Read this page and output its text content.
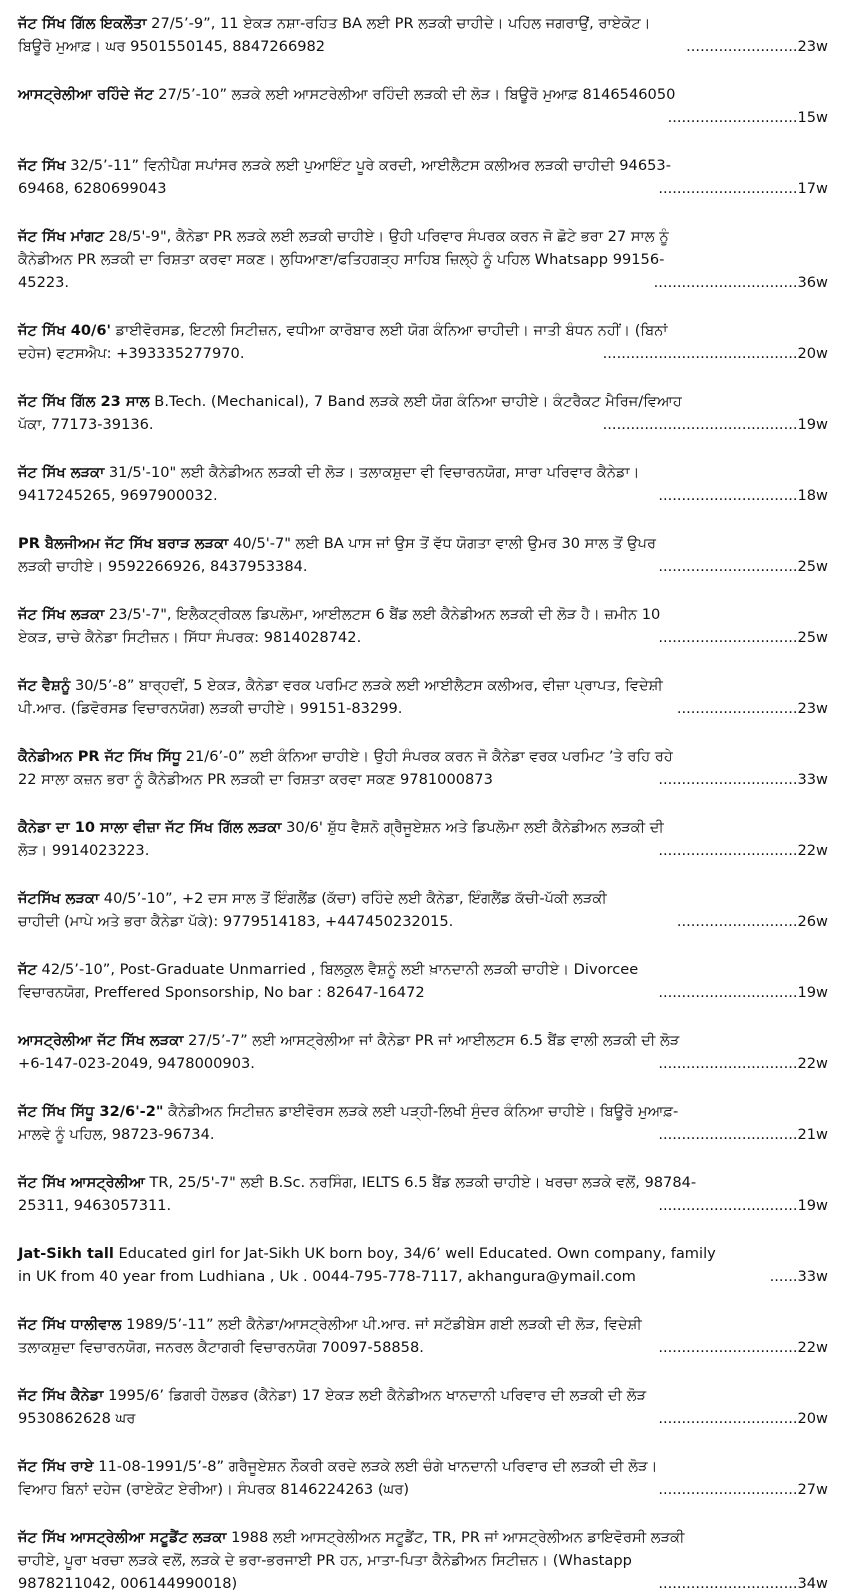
ਜੱਟ ਸਿੱਖ ਗਿੱਲ ਇਕਲੌਤਾ 27/5’-9”, 11 ਏਕੜ ਨਸ਼ਾ-ਰਹਿਤ BA ਲਈ PR ਲੜਕੀ ਚਾਹੀਦੇ। ਪਹਿਲ ਜਗਰਾਉਂ, ਰਾਏਕੋਟ।
ਬਿਊਰੋ ਮੁਆਫ਼। ਘਰ 9501550145, 8847266982	........................23w
ਆਸਟ੍ਰੇਲੀਆ ਰਹਿੰਦੇ ਜੱਟ 27/5’-10” ਲੜਕੇ ਲਈ ਆਸਟਰੇਲੀਆ ਰਹਿੰਦੀ ਲੜਕੀ ਦੀ ਲੋੜ। ਬਿਊਰੋ ਮੁਆਫ਼ 8146546050
............................15w
ਜੱਟ ਸਿੱਖ 32/5’-11” ਵਿਨੀਪੈਗ ਸਪਾਂਸਰ ਲੜਕੇ ਲਈ ਪੁਆਇੰਟ ਪੂਰੇ ਕਰਦੀ, ਆਈਲੈਟਸ ਕਲੀਅਰ ਲੜਕੀ ਚਾਹੀਦੀ 94653-
69468, 6280699043	..............................17w
ਜੱਟ ਸਿੱਖ ਮਾਂਗਟ 28/5'-9", ਕੈਨੇਡਾ PR ਲੜਕੇ ਲਈ ਲੜਕੀ ਚਾਹੀਏ। ਉਹੀ ਪਰਿਵਾਰ ਸੰਪਰਕ ਕਰਨ ਜੋ ਛੋਟੇ ਭਰਾ 27 ਸਾਲ ਨੂੰ
ਕੈਨੇਡੀਅਨ PR ਲੜਕੀ ਦਾ ਰਿਸ਼ਤਾ ਕਰਵਾ ਸਕਣ। ਲੁਧਿਆਣਾ/ਫਤਿਹਗੜ੍ਹ ਸਾਹਿਬ ਜ਼ਿਲ੍ਹੇ ਨੂੰ ਪਹਿਲ Whatsapp 99156-
45223.	...............................36w
ਜੱਟ ਸਿੱਖ 40/6' ਡਾਈਵੋਰਸਡ, ਇਟਲੀ ਸਿਟੀਜ਼ਨ, ਵਧੀਆ ਕਾਰੋਬਾਰ ਲਈ ਯੋਗ ਕੰਨਿਆ ਚਾਹੀਦੀ। ਜਾਤੀ ਬੰਧਨ ਨਹੀਂ। (ਬਿਨਾਂ
ਦਹੇਜ) ਵਟਸਐਪ: +393335277970.	..........................................20w
ਜੱਟ ਸਿੱਖ ਗਿੱਲ 23 ਸਾਲ B.Tech. (Mechanical), 7 Band ਲੜਕੇ ਲਈ ਯੋਗ ਕੰਨਿਆ ਚਾਹੀਏ। ਕੰਟਰੈਕਟ ਮੈਰਿਜ/ਵਿਆਹ
ਪੱਕਾ, 77173-39136.	..........................................19w
ਜੱਟ ਸਿੱਖ ਲੜਕਾ 31/5'-10" ਲਈ ਕੈਨੇਡੀਅਨ ਲੜਕੀ ਦੀ ਲੋੜ। ਤਲਾਕਸ਼ੁਦਾ ਵੀ ਵਿਚਾਰਨਯੋਗ, ਸਾਰਾ ਪਰਿਵਾਰ ਕੈਨੇਡਾ।
9417245265, 9697900032.	..............................18w
PR ਬੈਲਜੀਅਮ ਜੱਟ ਸਿੱਖ ਬਰਾੜ ਲੜਕਾ 40/5'-7" ਲਈ BA ਪਾਸ ਜਾਂ ਉਸ ਤੋਂ ਵੱਧ ਯੋਗਤਾ ਵਾਲੀ ਉਮਰ 30 ਸਾਲ ਤੋਂ ਉਪਰ
ਲੜਕੀ ਚਾਹੀਏ। 9592266926, 8437953384.	..............................25w
ਜੱਟ ਸਿੱਖ ਲੜਕਾ 23/5'-7", ਇਲੈਕਟ੍ਰੀਕਲ ਡਿਪਲੋਮਾ, ਆਈਲਟਸ 6 ਬੈਂਡ ਲਈ ਕੈਨੇਡੀਅਨ ਲੜਕੀ ਦੀ ਲੋੜ ਹੈ। ਜ਼ਮੀਨ 10
ਏਕੜ, ਚਾਚੇ ਕੈਨੇਡਾ ਸਿਟੀਜ਼ਨ। ਸਿੱਧਾ ਸੰਪਰਕ: 9814028742.	..............................25w
ਜੱਟ ਵੈਸ਼ਨੂੰ 30/5’-8” ਬਾਰ੍ਹਵੀਂ, 5 ਏਕੜ, ਕੈਨੇਡਾ ਵਰਕ ਪਰਮਿਟ ਲੜਕੇ ਲਈ ਆਈਲੈਟਸ ਕਲੀਅਰ, ਵੀਜ਼ਾ ਪ੍ਰਾਪਤ, ਵਿਦੇਸ਼ੀ
ਪੀ.ਆਰ. (ਡਿਵੋਰਸਡ ਵਿਚਾਰਨਯੋਗ) ਲੜਕੀ ਚਾਹੀਏ। 99151-83299.	..........................23w
ਕੈਨੇਡੀਅਨ PR ਜੱਟ ਸਿੱਖ ਸਿੱਧੂ 21/6’-0” ਲਈ ਕੰਨਿਆ ਚਾਹੀਏ। ਉਹੀ ਸੰਪਰਕ ਕਰਨ ਜੋ ਕੈਨੇਡਾ ਵਰਕ ਪਰਮਿਟ ’ਤੇ ਰਹਿ ਰਹੇ
22 ਸਾਲਾ ਕਜ਼ਨ ਭਰਾ ਨੂੰ ਕੈਨੇਡੀਅਨ PR ਲੜਕੀ ਦਾ ਰਿਸ਼ਤਾ ਕਰਵਾ ਸਕਣ 9781000873	..............................33w
ਕੈਨੇਡਾ ਦਾ 10 ਸਾਲਾ ਵੀਜ਼ਾ ਜੱਟ ਸਿੱਖ ਗਿੱਲ ਲੜਕਾ 30/6' ਸ਼ੁੱਧ ਵੈਸ਼ਨੋ ਗ੍ਰੈਜੂਏਸ਼ਨ ਅਤੇ ਡਿਪਲੋਮਾ ਲਈ ਕੈਨੇਡੀਅਨ ਲੜਕੀ ਦੀ
ਲੋੜ। 9914023223.	..............................22w
ਜੱਟਸਿੱਖ ਲੜਕਾ 40/5’-10”, +2 ਦਸ ਸਾਲ ਤੋਂ ਇੰਗਲੈਂਡ (ਕੱਚਾ) ਰਹਿੰਦੇ ਲਈ ਕੈਨੇਡਾ, ਇੰਗਲੈਂਡ ਕੱਚੀ-ਪੱਕੀ ਲੜਕੀ
ਚਾਹੀਦੀ (ਮਾਪੇ ਅਤੇ ਭਰਾ ਕੈਨੇਡਾ ਪੱਕੇ): 9779514183, +447450232015.	..........................26w
ਜੱਟ 42/5’-10”, Post-Graduate Unmarried , ਬਿਲਕੁਲ ਵੈਸ਼ਨੂੰ ਲਈ ਖ਼ਾਨਦਾਨੀ ਲੜਕੀ ਚਾਹੀਏ। Divorcee
ਵਿਚਾਰਨਯੋਗ, Preffered Sponsorship, No bar : 82647-16472	..............................19w
ਆਸਟ੍ਰੇਲੀਆ ਜੱਟ ਸਿੱਖ ਲੜਕਾ 27/5’-7” ਲਈ ਆਸਟ੍ਰੇਲੀਆ ਜਾਂ ਕੈਨੇਡਾ PR ਜਾਂ ਆਈਲਟਸ 6.5 ਬੈਂਡ ਵਾਲੀ ਲੜਕੀ ਦੀ ਲੋੜ
+6-147-023-2049, 9478000903.	..............................22w
ਜੱਟ ਸਿੱਖ ਸਿੱਧੂ 32/6'-2" ਕੈਨੇਡੀਅਨ ਸਿਟੀਜ਼ਨ ਡਾਈਵੋਰਸ ਲੜਕੇ ਲਈ ਪੜ੍ਹੀ-ਲਿਖੀ ਸੁੰਦਰ ਕੰਨਿਆ ਚਾਹੀਏ। ਬਿਊਰੋ ਮੁਆਫ਼-
ਮਾਲਵੇ ਨੂੰ ਪਹਿਲ, 98723-96734.	..............................21w
ਜੱਟ ਸਿੱਖ ਆਸਟ੍ਰੇਲੀਆ TR, 25/5'-7" ਲਈ B.Sc. ਨਰਸਿੰਗ, IELTS 6.5 ਬੈਂਡ ਲੜਕੀ ਚਾਹੀਏ। ਖਰਚਾ ਲੜਕੇ ਵਲੋਂ, 98784-
25311, 9463057311.	..............................19w
Jat-Sikh tall Educated girl for Jat-Sikh UK born boy, 34/6’ well Educated. Own company, family
in UK from 40 year from Ludhiana , Uk . 0044-795-778-7117, akhangura@ymail.com	......33w
ਜੱਟ ਸਿੱਖ ਧਾਲੀਵਾਲ 1989/5’-11” ਲਈ ਕੈਨੇਡਾ/ਆਸਟ੍ਰੇਲੀਆ ਪੀ.ਆਰ. ਜਾਂ ਸਟੱਡੀਬੇਸ ਗਈ ਲੜਕੀ ਦੀ ਲੋੜ, ਵਿਦੇਸ਼ੀ
ਤਲਾਕਸ਼ੁਦਾ ਵਿਚਾਰਨਯੋਗ, ਜਨਰਲ ਕੈਟਾਗਰੀ ਵਿਚਾਰਨਯੋਗ 70097-58858.	..............................22w
ਜੱਟ ਸਿੱਖ ਕੈਨੇਡਾ 1995/6’ ਡਿਗਰੀ ਹੋਲਡਰ (ਕੈਨੇਡਾ) 17 ਏਕੜ ਲਈ ਕੈਨੇਡੀਅਨ ਖਾਨਦਾਨੀ ਪਰਿਵਾਰ ਦੀ ਲੜਕੀ ਦੀ ਲੋੜ
9530862628 ਘਰ	..............................20w
ਜੱਟ ਸਿੱਖ ਰਾਏ 11-08-1991/5’-8” ਗਰੈਜੂਏਸ਼ਨ ਨੌਕਰੀ ਕਰਦੇ ਲੜਕੇ ਲਈ ਚੰਗੇ ਖਾਨਦਾਨੀ ਪਰਿਵਾਰ ਦੀ ਲੜਕੀ ਦੀ ਲੋੜ।
ਵਿਆਹ ਬਿਨਾਂ ਦਹੇਜ (ਰਾਏਕੋਟ ਏਰੀਆ)। ਸੰਪਰਕ 8146224263 (ਘਰ)	..............................27w
ਜੱਟ ਸਿੱਖ ਆਸਟ੍ਰੇਲੀਆ ਸਟੂਡੈਂਟ ਲੜਕਾ 1988 ਲਈ ਆਸਟ੍ਰੇਲੀਅਨ ਸਟੂਡੈਂਟ, TR, PR ਜਾਂ ਆਸਟ੍ਰੇਲੀਅਨ ਡਾਇਵੋਰਸੀ ਲੜਕੀ
ਚਾਹੀਏ, ਪੂਰਾ ਖਰਚਾ ਲੜਕੇ ਵਲੋਂ, ਲੜਕੇ ਦੇ ਭਰਾ-ਭਰਜਾਈ PR ਹਨ, ਮਾਤਾ-ਪਿਤਾ ਕੈਨੇਡੀਅਨ ਸਿਟੀਜ਼ਨ। (Whastapp
9878211042, 006144990018)	..............................34w
